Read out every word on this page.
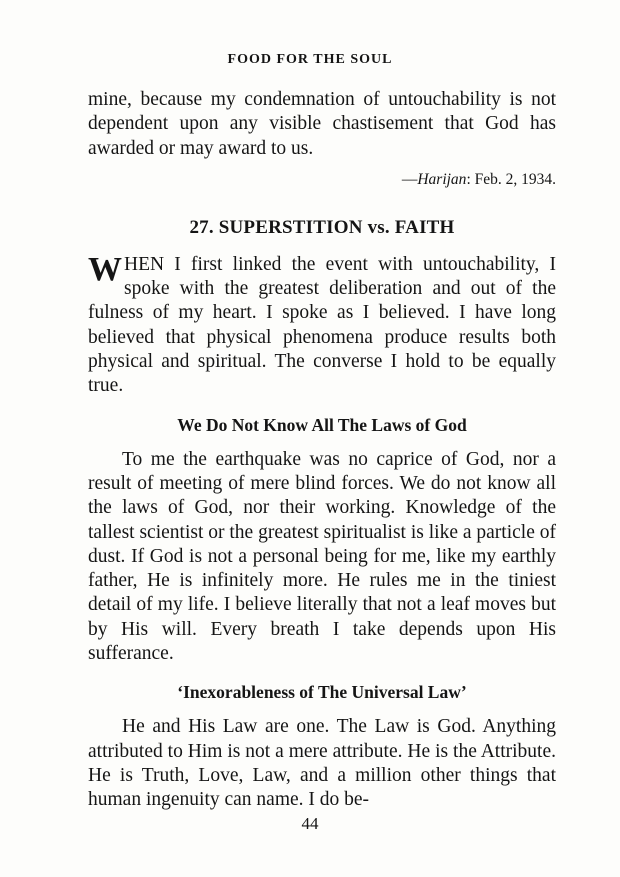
FOOD FOR THE SOUL

mine, because my condemnation of untouchability is not dependent upon any visible chastisement that God has awarded or may award to us.

—Harijan: Feb. 2, 1934.

27. SUPERSTITION vs. FAITH

WHEN I first linked the event with untouchability, I spoke with the greatest deliberation and out of the fulness of my heart. I spoke as I believed. I have long believed that physical phenomena produce results both physical and spiritual. The converse I hold to be equally true.

We Do Not Know All The Laws of God

To me the earthquake was no caprice of God, nor a result of meeting of mere blind forces. We do not know all the laws of God, nor their working. Knowledge of the tallest scientist or the greatest spiritualist is like a particle of dust. If God is not a personal being for me, like my earthly father, He is infinitely more. He rules me in the tiniest detail of my life. I believe literally that not a leaf moves but by His will. Every breath I take depends upon His sufferance.

‘Inexorableness of The Universal Law’

He and His Law are one. The Law is God. Anything attributed to Him is not a mere attribute. He is the Attribute. He is Truth, Love, Law, and a million other things that human ingenuity can name. I do be-

44
